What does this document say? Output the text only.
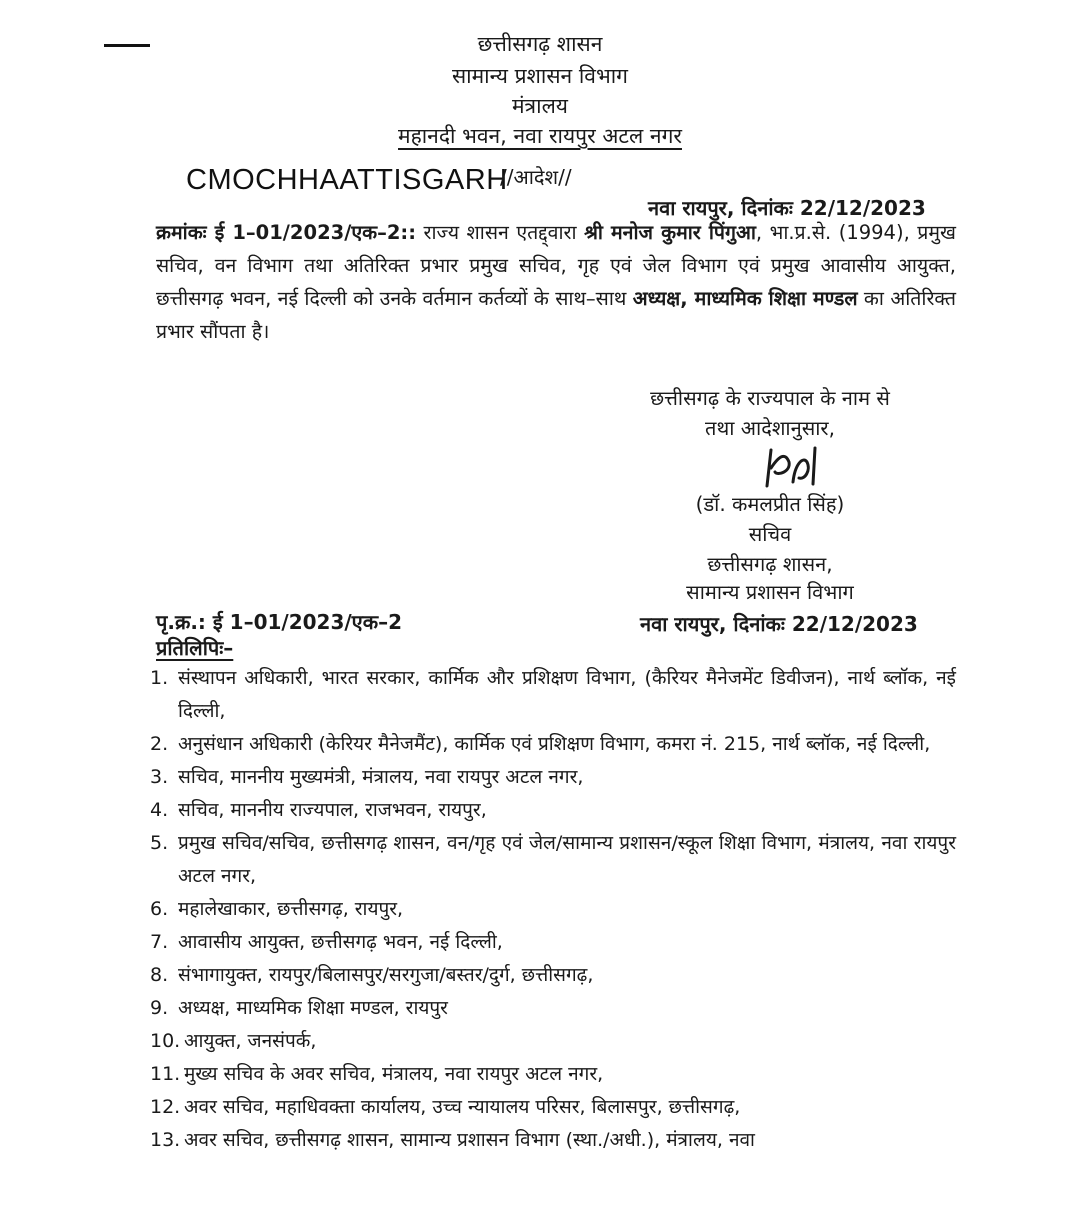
छत्तीसगढ़ शासन
सामान्य प्रशासन विभाग
मंत्रालय
महानदी भवन, नवा रायपुर अटल नगर
CMOCHHAATTISGARH
//आदेश//
नवा रायपुर, दिनांकः 22/12/2023
क्रमांकः ई 1–01/2023/एक–2:: राज्य शासन एतद्द्वारा श्री मनोज कुमार पिंगुआ, भा.प्र.से. (1994), प्रमुख सचिव, वन विभाग तथा अतिरिक्त प्रभार प्रमुख सचिव, गृह एवं जेल विभाग एवं प्रमुख आवासीय आयुक्त, छत्तीसगढ़ भवन, नई दिल्ली को उनके वर्तमान कर्तव्यों के साथ–साथ अध्यक्ष, माध्यमिक शिक्षा मण्डल का अतिरिक्त प्रभार सौंपता है।
छत्तीसगढ़ के राज्यपाल के नाम से
तथा आदेशानुसार,
(डॉ. कमलप्रीत सिंह)
सचिव
छत्तीसगढ़ शासन,
सामान्य प्रशासन विभाग
पृ.क्र.: ई 1–01/2023/एक–2	नवा रायपुर, दिनांकः 22/12/2023
प्रतिलिपिः–
1. संस्थापन अधिकारी, भारत सरकार, कार्मिक और प्रशिक्षण विभाग, (कैरियर मैनेजमेंट डिवीजन), नार्थ ब्लॉक, नई दिल्ली,
2. अनुसंधान अधिकारी (केरियर मैनेजमैंट), कार्मिक एवं प्रशिक्षण विभाग, कमरा नं. 215, नार्थ ब्लॉक, नई दिल्ली,
3. सचिव, माननीय मुख्यमंत्री, मंत्रालय, नवा रायपुर अटल नगर,
4. सचिव, माननीय राज्यपाल, राजभवन, रायपुर,
5. प्रमुख सचिव/सचिव, छत्तीसगढ़ शासन, वन/गृह एवं जेल/सामान्य प्रशासन/स्कूल शिक्षा विभाग, मंत्रालय, नवा रायपुर अटल नगर,
6. महालेखाकार, छत्तीसगढ़, रायपुर,
7. आवासीय आयुक्त, छत्तीसगढ़ भवन, नई दिल्ली,
8. संभागायुक्त, रायपुर/बिलासपुर/सरगुजा/बस्तर/दुर्ग, छत्तीसगढ़,
9. अध्यक्ष, माध्यमिक शिक्षा मण्डल, रायपुर
10. आयुक्त, जनसंपर्क,
11. मुख्य सचिव के अवर सचिव, मंत्रालय, नवा रायपुर अटल नगर,
12. अवर सचिव, महाधिवक्ता कार्यालय, उच्च न्यायालय परिसर, बिलासपुर, छत्तीसगढ़,
13. अवर सचिव, छत्तीसगढ़ शासन, सामान्य प्रशासन विभाग (स्था./अधी.), मंत्रालय, नवा
